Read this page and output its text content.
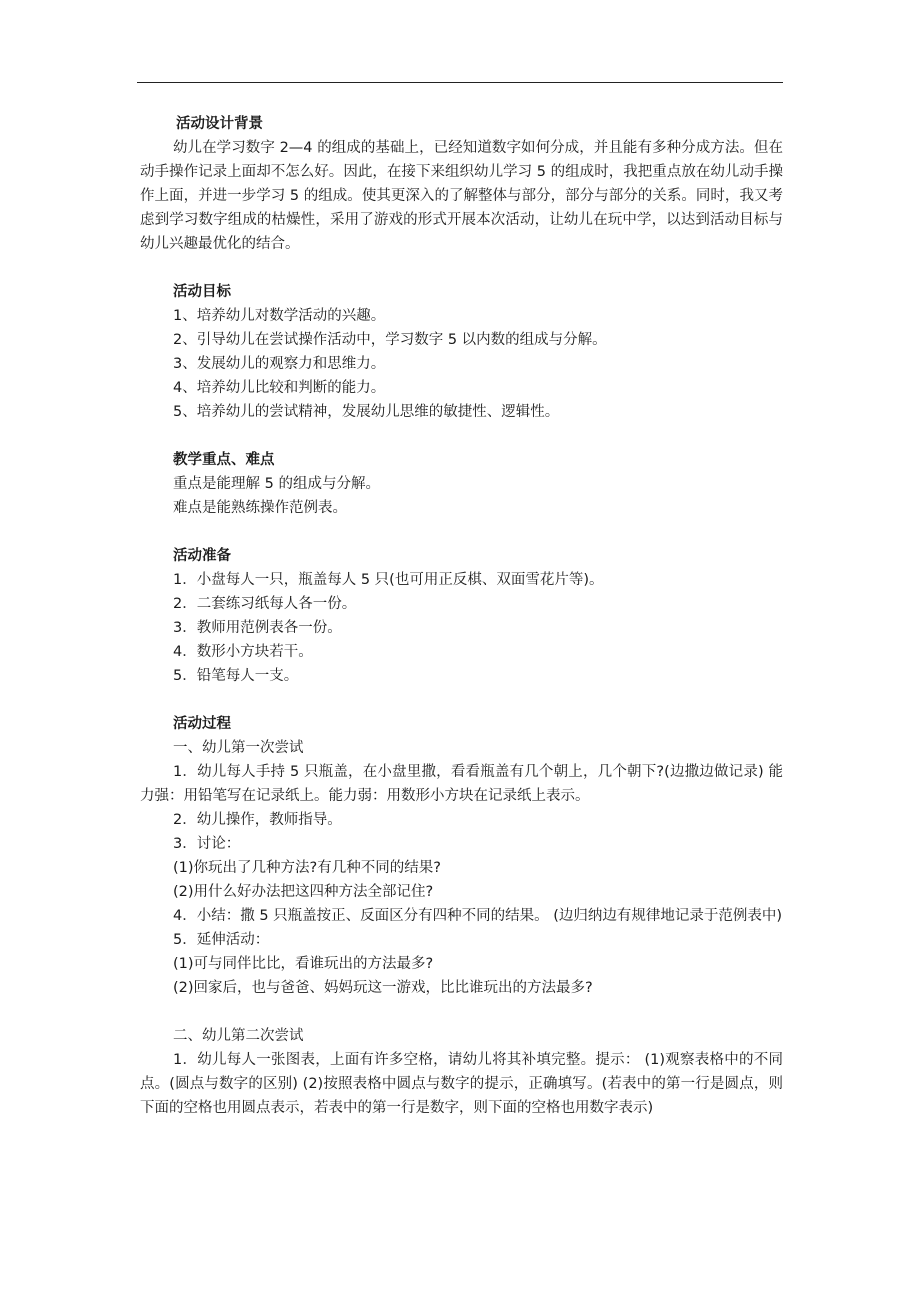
活动设计背景

幼儿在学习数字 2—4 的组成的基础上，已经知道数字如何分成，并且能有多种分成方法。但在动手操作记录上面却不怎么好。因此，在接下来组织幼儿学习 5 的组成时，我把重点放在幼儿动手操作上面，并进一步学习 5 的组成。使其更深入的了解整体与部分，部分与部分的关系。同时，我又考虑到学习数字组成的枯燥性，采用了游戏的形式开展本次活动，让幼儿在玩中学，以达到活动目标与幼儿兴趣最优化的结合。

活动目标

1、培养幼儿对数学活动的兴趣。

2、引导幼儿在尝试操作活动中，学习数字 5 以内数的组成与分解。

3、发展幼儿的观察力和思维力。

4、培养幼儿比较和判断的能力。

5、培养幼儿的尝试精神，发展幼儿思维的敏捷性、逻辑性。

教学重点、难点

重点是能理解 5 的组成与分解。

难点是能熟练操作范例表。

活动准备

1．小盘每人一只，瓶盖每人 5 只(也可用正反棋、双面雪花片等)。

2．二套练习纸每人各一份。

3．教师用范例表各一份。

4．数形小方块若干。

5．铅笔每人一支。

活动过程

一、幼儿第一次尝试

1．幼儿每人手持 5 只瓶盖，在小盘里撒，看看瓶盖有几个朝上，几个朝下?(边撒边做记录) 能力强：用铅笔写在记录纸上。能力弱：用数形小方块在记录纸上表示。

2．幼儿操作，教师指导。

3．讨论：

(1)你玩出了几种方法?有几种不同的结果?

(2)用什么好办法把这四种方法全部记住?

4．小结：撒 5 只瓶盖按正、反面区分有四种不同的结果。 (边归纳边有规律地记录于范例表中)

5．延伸活动：

(1)可与同伴比比，看谁玩出的方法最多?

(2)回家后，也与爸爸、妈妈玩这一游戏，比比谁玩出的方法最多?

二、幼儿第二次尝试

1．幼儿每人一张图表，上面有许多空格，请幼儿将其补填完整。提示： (1)观察表格中的不同点。(圆点与数字的区别) (2)按照表格中圆点与数字的提示，正确填写。(若表中的第一行是圆点，则下面的空格也用圆点表示，若表中的第一行是数字，则下面的空格也用数字表示)
